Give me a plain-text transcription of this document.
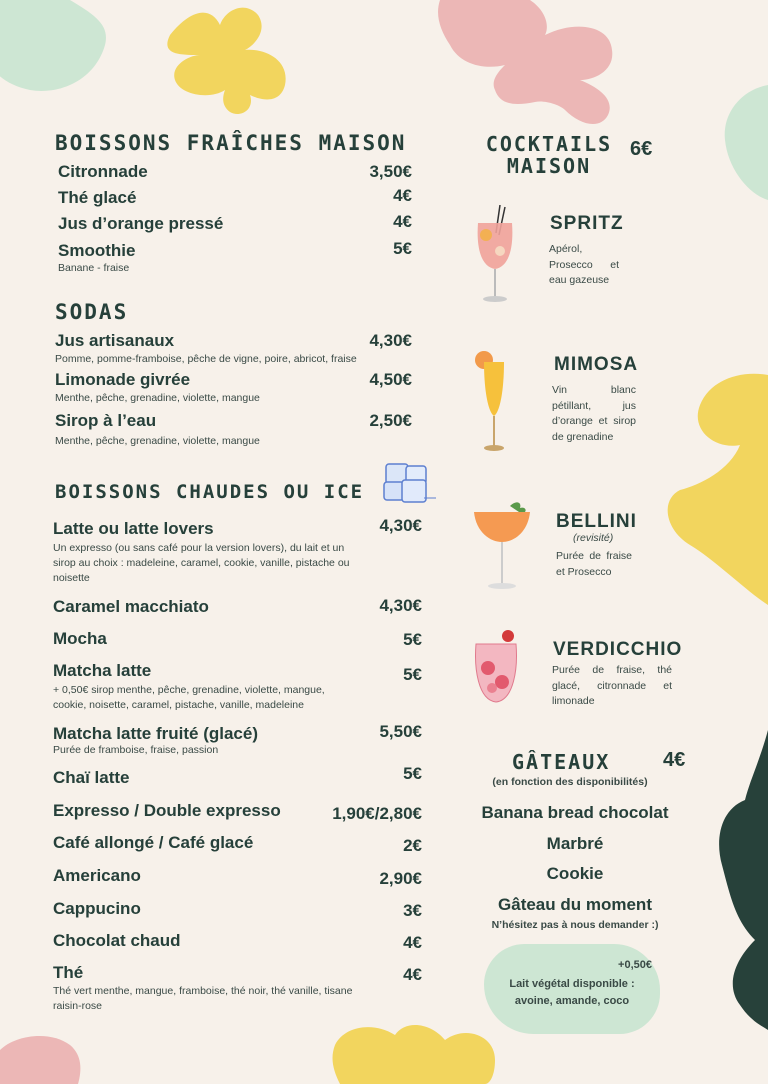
BOISSONS FRAÎCHES MAISON
Citronnade	3,50€
Thé glacé	4€
Jus d’orange pressé	4€
Smoothie	5€
Banane - fraise
SODAS
Jus artisanaux	4,30€
Pomme, pomme-framboise, pêche de vigne, poire, abricot, fraise
Limonade givrée	4,50€
Menthe, pêche, grenadine, violette, mangue
Sirop à l’eau	2,50€
Menthe, pêche, grenadine, violette, mangue
BOISSONS CHAUDES OU ICE
Latte ou latte lovers	4,30€
Un expresso (ou sans café pour la version lovers), du lait et un sirop au choix : madeleine, caramel, cookie, vanille, pistache ou noisette
Caramel macchiato	4,30€
Mocha	5€
Matcha latte	5€
+ 0,50€ sirop menthe, pêche, grenadine, violette, mangue, cookie, noisette, caramel, pistache, vanille, madeleine
Matcha latte fruité (glacé)	5,50€
Purée de framboise, fraise, passion
Chaï latte	5€
Expresso / Double expresso	1,90€/2,80€
Café allongé / Café glacé	2€
Americano	2,90€
Cappucino	3€
Chocolat chaud	4€
Thé	4€
Thé vert menthe, mangue, framboise, thé noir, thé vanille, tisane raisin-rose
COCKTAILS
MAISON
6€
SPRITZ
Apérol, Prosecco et eau gazeuse
MIMOSA
Vin blanc pétillant, jus d’orange et sirop de grenadine
BELLINI
(revisité)
Purée de fraise et Prosecco
VERDICCHIO
Purée de fraise, thé glacé, citronnade et limonade
GÂTEAUX	4€
(en fonction des disponibilités)
Banana bread chocolat
Marbré
Cookie
Gâteau du moment
N’hésitez pas à nous demander :)
+0,50€
Lait végétal disponible :
avoine, amande, coco
